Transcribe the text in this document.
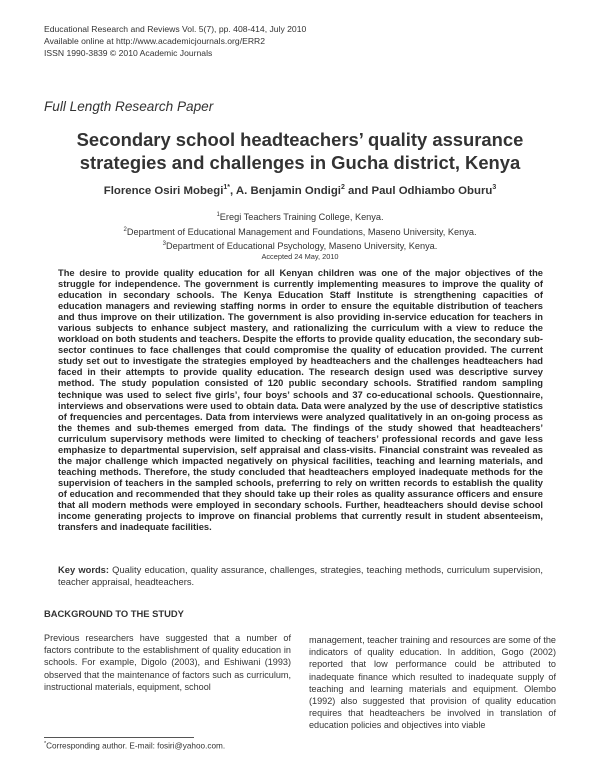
Educational Research and Reviews Vol. 5(7), pp. 408-414, July 2010
Available online at http://www.academicjournals.org/ERR2
ISSN 1990-3839 © 2010 Academic Journals
Full Length Research Paper
Secondary school headteachers’ quality assurance
strategies and challenges in Gucha district, Kenya
Florence Osiri Mobegi$^{1*}$, A. Benjamin Ondigi$^2$ and Paul Odhiambo Oburu$^3$
$^1$Eregi Teachers Training College, Kenya.
$^2$Department of Educational Management and Foundations, Maseno University, Kenya.
$^3$Department of Educational Psychology, Maseno University, Kenya.
Accepted 24 May, 2010
The desire to provide quality education for all Kenyan children was one of the major objectives of the struggle for independence. The government is currently implementing measures to improve the quality of education in secondary schools. The Kenya Education Staff Institute is strengthening capacities of education managers and reviewing staffing norms in order to ensure the equitable distribution of teachers and thus improve on their utilization. The government is also providing in-service education for teachers in various subjects to enhance subject mastery, and rationalizing the curriculum with a view to reduce the workload on both students and teachers. Despite the efforts to provide quality education, the secondary sub-sector continues to face challenges that could compromise the quality of education provided. The current study set out to investigate the strategies employed by headteachers and the challenges headteachers had faced in their attempts to provide quality education. The research design used was descriptive survey method. The study population consisted of 120 public secondary schools. Stratified random sampling technique was used to select five girls’, four boys’ schools and 37 co-educational schools. Questionnaire, interviews and observations were used to obtain data. Data were analyzed by the use of descriptive statistics of frequencies and percentages. Data from interviews were analyzed qualitatively in an on-going process as the themes and sub-themes emerged from data. The findings of the study showed that headteachers’ curriculum supervisory methods were limited to checking of teachers’ professional records and gave less emphasize to departmental supervision, self appraisal and class-visits. Financial constraint was revealed as the major challenge which impacted negatively on physical facilities, teaching and learning materials, and teaching methods. Therefore, the study concluded that headteachers employed inadequate methods for the supervision of teachers in the sampled schools, preferring to rely on written records to establish the quality of education and recommended that they should take up their roles as quality assurance officers and ensure that all modern methods were employed in secondary schools. Further, headteachers should devise school income generating projects to improve on financial problems that currently result in student absenteeism, transfers and inadequate facilities.
Key words: Quality education, quality assurance, challenges, strategies, teaching methods, curriculum supervision, teacher appraisal, headteachers.
BACKGROUND TO THE STUDY
Previous researchers have suggested that a number of factors contribute to the establishment of quality education in schools. For example, Digolo (2003), and Eshiwani (1993) observed that the maintenance of factors such as curriculum, instructional materials, equipment, school
management, teacher training and resources are some of the indicators of quality education. In addition, Gogo (2002) reported that low performance could be attributed to inadequate finance which resulted to inadequate supply of teaching and learning materials and equipment. Olembo (1992) also suggested that provision of quality education requires that headteachers be involved in translation of education policies and objectives into viable
*Corresponding author. E-mail: fosiri@yahoo.com.
